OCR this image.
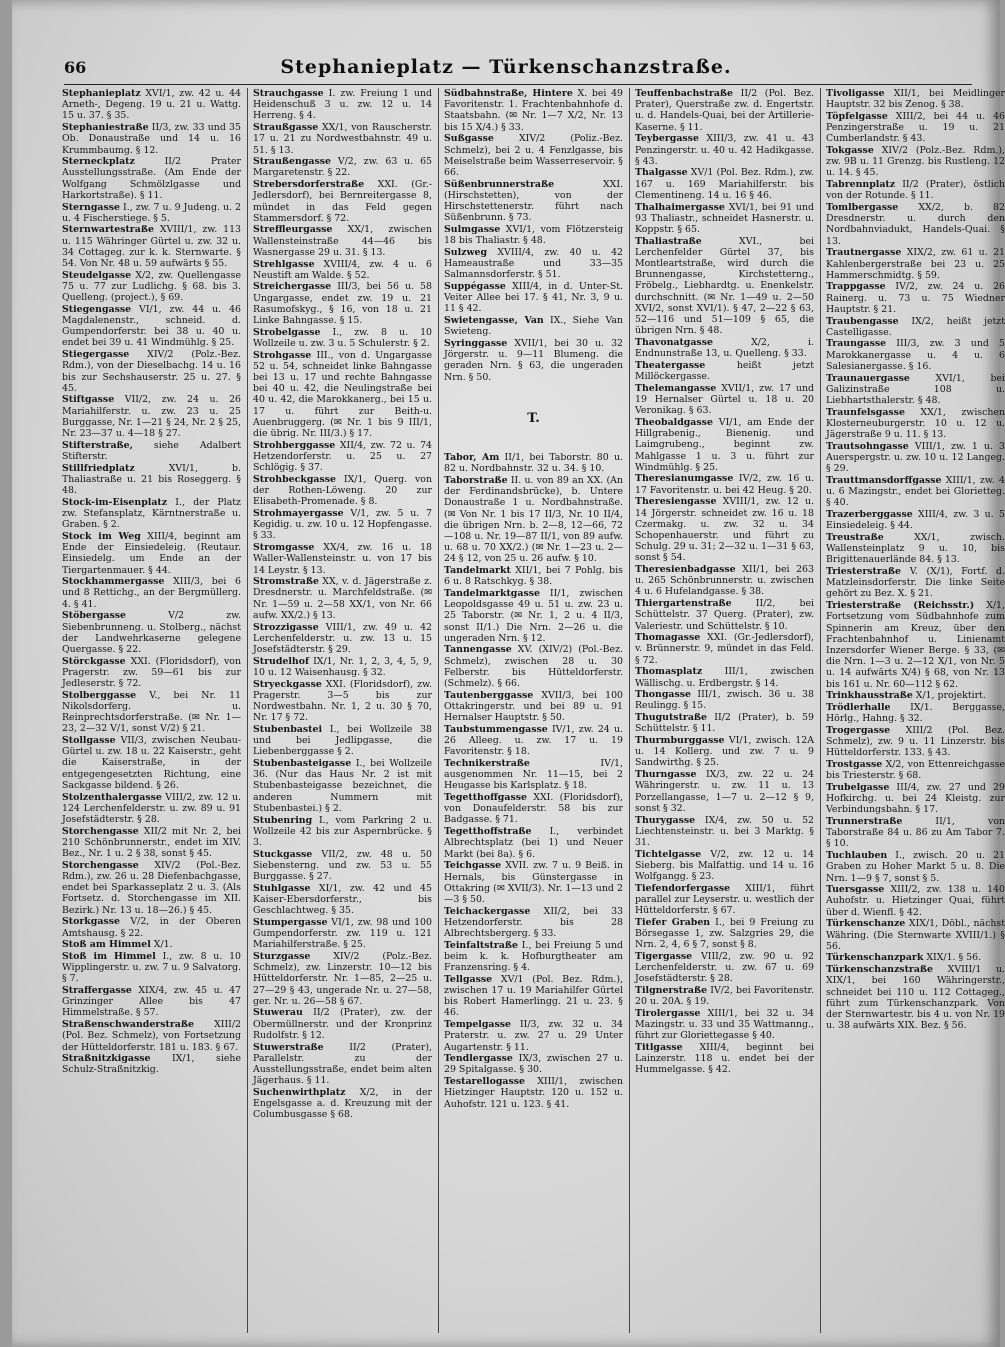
66	Stephanieplatz — Türkenschanzstraße.
Stephanieplatz XVI/1, zw. 42 u. 44 Arneth-, Degeng. 19 u. 21 u. Wattg. 15 u. 37. § 35.
Stephaniestraße II/3, zw. 33 und 35 Ob. Donaustraße und 14 u. 16 Krummbaumg. § 12.
Sterneckplatz II/2 Prater Ausstellungsstraße. (Am Ende der Wolfgang Schmölzlgasse und Harkortstraße). § 11.
Sterngasse I., zw. 7 u. 9 Judeng. u. 2 u. 4 Fischerstiege. § 5.
Sternwartestraße XVIII/1, zw. 113 u. 115 Währinger Gürtel u. zw. 32 u. 34 Cottageg. zur k. k. Sternwarte. § 54. Von Nr. 48 u. 59 aufwärts § 55.
Steudelgasse X/2, zw. Quellengasse 75 u. 77 zur Ludlichg. § 68. bis 3. Quelleng. (project.), § 69.
Stiegengasse VI/1, zw. 44 u. 46 Magdalenenstr., schneid. d. Gumpendorferstr. bei 38 u. 40 u. endet bei 39 u. 41 Windmühlg. § 25.
Stiegergasse XIV/2 (Polz.-Bez. Rdm.), von der Dieselbachg. 14 u. 16 bis zur Sechshauserstr. 25 u. 27. § 45.
Stiftgasse VII/2, zw. 24 u. 26 Mariahilferstr. u. zw. 23 u. 25 Burggasse, Nr. 1—21 § 24, Nr. 2 § 25, Nr. 23—37 u. 4—18 § 27.
Stifterstraße, siehe Adalbert Stifterstr.
Stillfriedplatz XVI/1, b. Thaliastraße u. 21 bis Roseggerg. § 48.
Stock-im-Eisenplatz I., der Platz zw. Stefansplatz, Kärntnerstraße u. Graben. § 2.
Stock im Weg XIII/4, beginnt am Ende der Einsiedeleig. (Reutaur. Einsiedelg. um Ende an der Tiergartenmauer. § 44.
Stockhammergasse XIII/3, bei 6 und 8 Rettichg., an der Bergmüllerg. 4. § 41.
Stöbergasse V/2 zw. Siebenbrunneng. u. Stolberg., nächst der Landwehrkaserne gelegene Quergasse. § 22.
Störckgasse XXI. (Floridsdorf), von Pragerstr. zw. 59—61 bis zur Jedleserstr. § 72.
Stolberggasse V., bei Nr. 11 Nikolsdorferg. u. Reinprechtsdorferstraße. (✉ Nr. 1—23, 2—32 V/1, sonst V/2) § 21.
Stollgasse VII/3, zwischen Neubau-Gürtel u. zw. 18 u. 22 Kaiserstr., geht die Kaiserstraße, in der entgegengesetzten Richtung, eine Sackgasse bildend. § 26.
Stolzenthalergasse VIII/2, zw. 12 u. 124 Lerchenfelderstr. u. zw. 89 u. 91 Josefstädterstr. § 28.
Storchengasse XII/2 mit Nr. 2, bei 210 Schönbrunnerstr., endet im XIV. Bez., Nr. 1 u. 2 § 38, sonst § 45.
Storchengasse XIV/2 (Pol.-Bez. Rdm.), zw. 26 u. 28 Diefenbachgasse, endet bei Sparkasseplatz 2 u. 3. (Als Fortsetz. d. Storchengasse im XII. Bezirk.) Nr. 13 u. 18—26.) § 45.
Storkgasse V/2, in der Oberen Amtshausg. § 22.
Stoß am Himmel X/1.
Stoß im Himmel I., zw. 8 u. 10 Wipplingerstr. u. zw. 7 u. 9 Salvatorg. § 7.
Straffergasse XIX/4, zw. 45 u. 47 Grinzinger Allee bis 47 Himmelstraße. § 57.
Straßenschwanderstraße XIII/2 (Pol. Bez. Schmelz), von Fortsetzung der Hütteldorferstr. 181 u. 183. § 67.
Straßnitzkigasse IX/1, siehe Schulz-Straßnitzkig.
Strauchgasse I. zw. Freiung 1 und Heidenschuß 3 u. zw. 12 u. 14 Herreng. § 4.
Straußgasse XX/1, von Rauscherstr. 17 u. 21 zu Nordwestbahnstr. 49 u. 51. § 13.
Straußengasse V/2, zw. 63 u. 65 Margaretenstr. § 22.
Strebersdorferstraße XXI. (Gr.-Jedlersdorf), bei Bernreitergasse 8, mündet in das Feld gegen Stammersdorf. § 72.
Streffleurgasse XX/1, zwischen Wallensteinstraße 44—46 bis Wasnergasse 29 u. 31. § 13.
Strehlgasse XVIII/4, zw. 4 u. 6 Neustift am Walde. § 52.
Streichergasse III/3, bei 56 u. 58 Ungargasse, endet zw. 19 u. 21 Rasumofskyg., § 16, von 18 u. 21 Linke Bahngasse. § 15.
Strobelgasse I., zw. 8 u. 10 Wollzeile u. zw. 3 u. 5 Schulerstr. § 2.
Strohgasse III., von d. Ungargasse 52 u. 54, schneidet linke Bahngasse bei 13 u. 17 und rechte Bahngasse bei 40 u. 42, die Neulingstraße bei 40 u. 42, die Marokkanerg., bei 15 u. 17 u. führt zur Beith-u. Auenbruggerg. (✉ Nr. 1 bis 9 III/1, die übrig. Nr. III/3.) § 17.
Strohberggasse XII/4, zw. 72 u. 74 Hetzendorferstr. u. 25 u. 27 Schlögig. § 37.
Strohbeckgasse IX/1, Querg. von der Rothen-Löweng. 20 zur Elisabeth-Promenade. § 8.
Strohmayergasse V/1, zw. 5 u. 7 Kegidig. u. zw. 10 u. 12 Hopfengasse. § 33.
Stromgasse XX/4, zw. 16 u. 18 Waller-Wallensteinstr. u. von 17 bis 14 Leystr. § 13.
Stromstraße XX, v. d. Jägerstraße z. Dresdnerstr. u. Marchfeldstraße. (✉ Nr. 1—59 u. 2—58 XX/1, von Nr. 66 aufw. XX/2.) § 13.
Strozzigasse VIII/1, zw. 49 u. 42 Lerchenfelderstr. u. zw. 13 u. 15 Josefstädterstr. § 29.
Strudelhof IX/1, Nr. 1, 2, 3, 4, 5, 9, 10 u. 12 Waisenhausg. § 32.
Stryeckgasse XXI. (Floridsdorf), zw. Pragerstr. 3—5 bis zur Nordwestbahn. Nr. 1, 2 u. 30 § 70, Nr. 17 § 72.
Stubenbastei I., bei Wollzeile 38 und bei Jedlipgasse, die Liebenberggasse § 2.
Stubenbasteigasse I., bei Wollzeile 36. (Nur das Haus Nr. 2 ist mit Stubenbasteigasse bezeichnet, die anderen Nummern mit Stubenbastei.) § 2.
Stubenring I., vom Parkring 2 u. Wollzeile 42 bis zur Aspernbrücke. § 3.
Stuckgasse VII/2, zw. 48 u. 50 Siebensterng. und zw. 53 u. 55 Burggasse. § 27.
Stuhlgasse XI/1, zw. 42 und 45 Kaiser-Ebersdorferstr., bis Geschlachtweg. § 35.
Stumpergasse VI/1, zw. 98 und 100 Gumpendorferstr. zw. 119 u. 121 Mariahilferstraße. § 25.
Sturzgasse XIV/2 (Polz.-Bez. Schmelz), zw. Linzerstr. 10—12 bis Hütteldorferstr. Nr. 1—85, 2—25 u. 27—29 § 43, ungerade Nr. u. 27—58, ger. Nr. u. 26—58 § 67.
Stuwerau II/2 (Prater), zw. der Obermüllnerstr. und der Kronprinz Rudolfstr. § 12.
Stuwerstraße II/2 (Prater), Parallelstr. zu der Ausstellungsstraße, endet beim alten Jägerhaus. § 11.
Suchenwirthplatz X/2, in der Engelsgasse a. d. Kreuzung mit der Columbusgasse § 68.
Südbahnstraße, Hintere X. bei 49 Favoritenstr. 1. Frachtenbahnhofe d. Staatsbahn. (✉ Nr. 1—7 X/2, Nr. 13 bis 15 X/4.) § 33.
Sußgasse XIV/2 (Poliz.-Bez. Schmelz), bei 2 u. 4 Fenzlgasse, bis Meiselstraße beim Wasserreservoir. § 66.
Süßenbrunnerstraße XXI. (Hirschstetten), von der Hirschstettenerstr. führt nach Süßenbrunn. § 73.
Sulmgasse XVI/1, vom Flötzersteig 18 bis Thaliastr. § 48.
Sulzweg XVIII/4, zw. 40 u. 42 Hameaustraße und 33—35 Salmannsdorferstr. § 51.
Suppégasse XIII/4, in d. Unter-St. Veiter Allee bei 17. § 41, Nr. 3, 9 u. 11 § 42.
Swietengasse, Van IX., Siehe Van Swieteng.
Syringgasse XVII/1, bei 30 u. 32 Jörgerstr. u. 9—11 Blumeng. die geraden Nrn. § 63, die ungeraden Nrn. § 50.
T.
Tabor, Am II/1, bei Taborstr. 80 u. 82 u. Nordbahnstr. 32 u. 34. § 10.
Taborstraße II. u. von 89 an XX. (An der Ferdinandsbrücke), b. Untere Donaustraße 1 u. Nordbahnstraße. (✉ Von Nr. 1 bis 17 II/3, Nr. 10 II/4, die übrigen Nrn. b. 2—8, 12—66, 72—108 u. Nr. 19—87 II/1, von 89 aufw. u. 68 u. 70 XX/2.) (✉ Nr. 1—23 u. 2—24 § 12, von 25 u. 26 aufw. § 10.
Tandelmarkt XII/1, bei 7 Pohlg. bis 6 u. 8 Ratschkyg. § 38.
Tandelmarktgasse II/1, zwischen Leopoldsgasse 49 u. 51 u. zw. 23 u. 25 Taborstr. (✉ Nr. 1, 2 u. 4 II/3, sonst II/1.) Die Nrn. 2—26 u. die ungeraden Nrn. § 12.
Tannengasse XV. (XIV/2) (Pol.-Bez. Schmelz), zwischen 28 u. 30 Felberstr. bis Hütteldorferstr. (Schmelz). § 66.
Tautenberggasse XVII/3, bei 100 Ottakringerstr. und bei 89 u. 91 Hernalser Hauptstr. § 50.
Taubstummengasse IV/1, zw. 24 u. 26 Alleeg. u. zw. 17 u. 19 Favoritenstr. § 18.
Technikerstraße IV/1, ausgenommen Nr. 11—15, bei 2 Heugasse bis Karlsplatz. § 18.
Tegetthoffgasse XXI. (Floridsdorf), von Donaufelderstr. 58 bis zur Badgasse. § 71.
Tegetthoffstraße I., verbindet Albrechtsplatz (bei 1) und Neuer Markt (bei 8a). § 6.
Teichgasse XVII. zw. 7 u. 9 Beiß. in Hernals, bis Günstergasse in Ottakring (✉ XVII/3). Nr. 1—13 und 2—3 § 50.
Teichackergasse XII/2, bei 33 Hetzendorferstr. bis 28 Albrechtsbergerg. § 33.
Teinfaltstraße I., bei Freiung 5 und beim k. k. Hofburgtheater am Franzensring. § 4.
Tellgasse XV/1 (Pol. Bez. Rdm.), zwischen 17 u. 19 Mariahilfer Gürtel bis Robert Hamerlingg. 21 u. 23. § 46.
Tempelgasse II/3, zw. 32 u. 34 Praterstr. u. zw. 27 u. 29 Unter Augartenstr. § 11.
Tendlergasse IX/3, zwischen 27 u. 29 Spitalgasse. § 30.
Testarellogasse XIII/1, zwischen Hietzinger Hauptstr. 120 u. 152 u. Auhofstr. 121 u. 123. § 41.
Teuffenbachstraße II/2 (Pol. Bez. Prater), Querstraße zw. d. Engertstr. u. d. Handels-Quai, bei der Artillerie-Kaserne. § 11.
Teybergasse XIII/3, zw. 41 u. 43 Penzingerstr. u. 40 u. 42 Hadikgasse. § 43.
Thalgasse XV/1 (Pol. Bez. Rdm.), zw. 167 u. 169 Mariahilferstr. bis Clementineng. 14 u. 16 § 46.
Thalhaimergasse XVI/1, bei 91 und 93 Thaliastr., schneidet Hasnerstr. u. Koppstr. § 65.
Thaliastraße XVI., bei Lerchenfelder Gürtel 37, bis Montleartstraße, wird durch die Brunnengasse, Kirchstetterng., Fröbelg., Liebhardtg. u. Enenkelstr. durchschnitt. (✉ Nr. 1—49 u. 2—50 XVI/2, sonst XVI/1). § 47, 2—22 § 63, 52—116 und 51—109 § 65, die übrigen Nrn. § 48.
Thavonatgasse X/2, i. Endnunstraße 13, u. Quelleng. § 33.
Theatergasse heißt jetzt Millöckergasse.
Thelemangasse XVII/1, zw. 17 und 19 Hernalser Gürtel u. 18 u. 20 Veronikag. § 63.
Theobaldgasse VI/1, am Ende der Hillgrabenig., Bienenig. und Laimgrubeng., beginnt zw. Mahlgasse 1 u. 3 u. führt zur Windmühlg. § 25.
Theresianumgasse IV/2, zw. 16 u. 17 Favoritenstr. u. bei 42 Heug. § 20.
Theresiengasse XVIII/1, zw. 12 u. 14 Jörgerstr. schneidet zw. 16 u. 18 Czermakg. u. zw. 32 u. 34 Schopenhauerstr. und führt zu Schulg. 29 u. 31; 2—32 u. 1—31 § 63, sonst § 54.
Theresienbadgasse XII/1, bei 263 u. 265 Schönbrunnerstr. u. zwischen 4 u. 6 Hufelandgasse. § 38.
Thiergartenstraße II/2, bei Schüttelstr. 37 Querg. (Prater), zw. Valeriestr. und Schüttelstr. § 10.
Thomagasse XXI. (Gr.-Jedlersdorf), v. Brünnerstr. 9, mündet in das Feld. § 72.
Thomasplatz III/1, zwischen Wällischg. u. Erdbergstr. § 14.
Thongasse III/1, zwisch. 36 u. 38 Reulingg. § 15.
Thugutstraße II/2 (Prater), b. 59 Schüttelstr. § 11.
Thurmburggasse VI/1, zwisch. 12A u. 14 Kollerg. und zw. 7 u. 9 Sandwirthg. § 25.
Thurngasse IX/3, zw. 22 u. 24 Währingerstr. u. zw. 11 u. 13 Porzellangasse, 1—7 u. 2—12 § 9, sonst § 32.
Thurygasse IX/4, zw. 50 u. 52 Liechtensteinstr. u. bei 3 Marktg. § 31.
Tichtelgasse V/2, zw. 12 u. 14 Sieberg. bis Malfattig. und 14 u. 16 Wolfgangg. § 23.
Tiefendorfergasse XIII/1, führt parallel zur Leyserstr. u. westlich der Hütteldorferstr. § 67.
Tiefer Graben I., bei 9 Freiung zu Börsegasse 1, zw. Salzgries 29, die Nrn. 2, 4, 6 § 7, sonst § 8.
Tigergasse VIII/2, zw. 90 u. 92 Lerchenfelderstr. u. zw. 67 u. 69 Josefstädterstr. § 28.
Tilgnerstraße IV/2, bei Favoritenstr. 20 u. 20A. § 19.
Tirolergasse XIII/1, bei 32 u. 34 Mazingstr. u. 33 und 35 Wattmanng., führt zur Gloriettegasse § 40.
Titlgasse XIII/4, beginnt bei Lainzerstr. 118 u. endet bei der Hummelgasse. § 42.
Tivoligasse XII/1, bei Meidlinger Hauptstr. 32 bis Zenog. § 38.
Töpfelgasse XIII/2, bei 44 u. 46 Penzingerstraße u. 19 u. 21 Cumberlandstr. § 43.
Tokgasse XIV/2 (Polz.-Bez. Rdm.), zw. 9B u. 11 Grenzg. bis Rustleng. 12 u. 14. § 45.
Tabrennplatz II/2 (Prater), östlich von der Rotunde. § 11.
Tomlbergasse XX/2, b. 82 Dresdnerstr. u. durch den Nordbahnviadukt, Handels-Quai. § 13.
Trautnergasse XIX/2, zw. 61 u. 21 Kahlenbergerstraße bei 23 u. 25 Hammerschmidtg. § 59.
Trappgasse IV/2, zw. 24 u. 26 Rainerg. u. 73 u. 75 Wiedner Hauptstr. § 21.
Traubengasse IX/2, heißt jetzt Castelligasse.
Traungasse III/3, zw. 3 und 5 Marokkanergasse u. 4 u. 6 Salesianergasse. § 16.
Traunauergasse XVI/1, bei Galizinstraße 108 u. Liebhartsthalerstr. § 48.
Traunfelsgasse XX/1, zwischen Klosterneuburgerstr. 10 u. 12 u. Jägerstraße 9 u. 11. § 13.
Trautsohngasse VIII/1, zw. 1 u. 3 Auerspergstr. u. zw. 10 u. 12 Langeg. § 29.
Trauttmansdorffgasse XIII/1, zw. 4 u. 6 Mazingstr., endet bei Glorietteg. § 40.
Trazerberggasse XIII/4, zw. 3 u. 5 Einsiedeleig. § 44.
Treustraße XX/1, zwisch. Wallensteinplatz 9 u. 10, bis Brigittenauerlände 84. § 13.
Triesterstraße V. (X/1), Fortf. d. Matzleinsdorferstr. Die linke Seite gehört zu Bez. X. § 21.
Triesterstraße (Reichsstr.) X/1, Fortsetzung vom Südbahnhofe zum Spinnerin am Kreuz, über den Frachtenbahnhof u. Linienamt Inzersdorfer Wiener Berge. § 33, (✉ die Nrn. 1—3 u. 2—12 X/1, von Nr. 5 u. 14 aufwärts X/4) § 68, von Nr. 13 bis 161 u. Nr. 60—112 § 62.
Trinkhausstraße X/1, projektirt.
Trödlerhalle IX/1. Berggasse, Hörlg., Hahng. § 32.
Trogergasse XIII/2 (Pol. Bez. Schmelz), zw. 9 u. 11 Linzerstr. bis Hütteldorferstr. 133. § 43.
Trostgasse X/2, von Ettenreichgasse bis Triesterstr. § 68.
Trubelgasse III/4, zw. 27 und 29 Hofkirchg. u. bei 24 Kleistg. zur Verbindungsbahn. § 17.
Trunnerstraße II/1, von Taborstraße 84 u. 86 zu Am Tabor 7. § 10.
Tuchlauben I., zwisch. 20 u. 21 Graben zu Hoher Markt 5 u. 8. Die Nrn. 1—9 § 7, sonst § 5.
Tuersgasse XIII/2, zw. 138 u. 140 Auhofstr. u. Hietzinger Quai, führt über d. Wienfl. § 42.
Türkenschanze XIX/1, Döbl., nächst Währing. (Die Sternwarte XVIII/1.) § 56.
Türkenschanzpark XIX/1. § 56.
Türkenschanzstraße XVIII/1 u. XIX/1, bei 160 Währingerstr., schneidet bei 110 u. 112 Cottageg., führt zum Türkenschanzpark. Von der Sternwartestr. bis 4 u. von Nr. 19 u. 38 aufwärts XIX. Bez. § 56.
